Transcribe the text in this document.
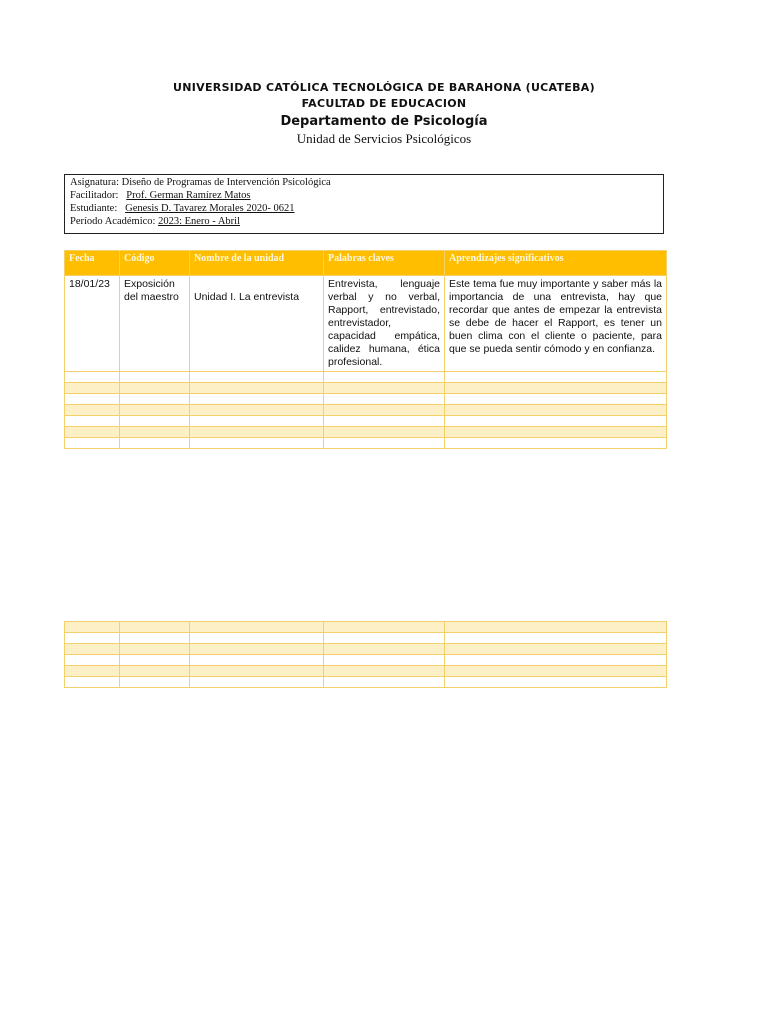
UNIVERSIDAD CATÓLICA TECNOLÓGICA DE BARAHONA (UCATEBA)
FACULTAD DE EDUCACION
Departamento de Psicología
Unidad de Servicios Psicológicos
Asignatura: Diseño de Programas de Intervención Psicológica
Facilitador: Prof. German Ramírez Matos
Estudiante: Genesis D. Tavarez Morales 2020- 0621
Período Académico: 2023: Enero - Abril
Fecha	Código	Nombre de la unidad	Palabras claves	Aprendizajes significativos
18/01/23	Exposición del maestro	Unidad I. La entrevista	Entrevista, lenguaje verbal y no verbal, Rapport, entrevistado, entrevistador, capacidad empática, calidez humana, ética profesional.	Este tema fue muy importante y saber más la importancia de una entrevista, hay que recordar que antes de empezar la entrevista se debe de hacer el Rapport, es tener un buen clima con el cliente o paciente, para que se pueda sentir cómodo y en confianza.
